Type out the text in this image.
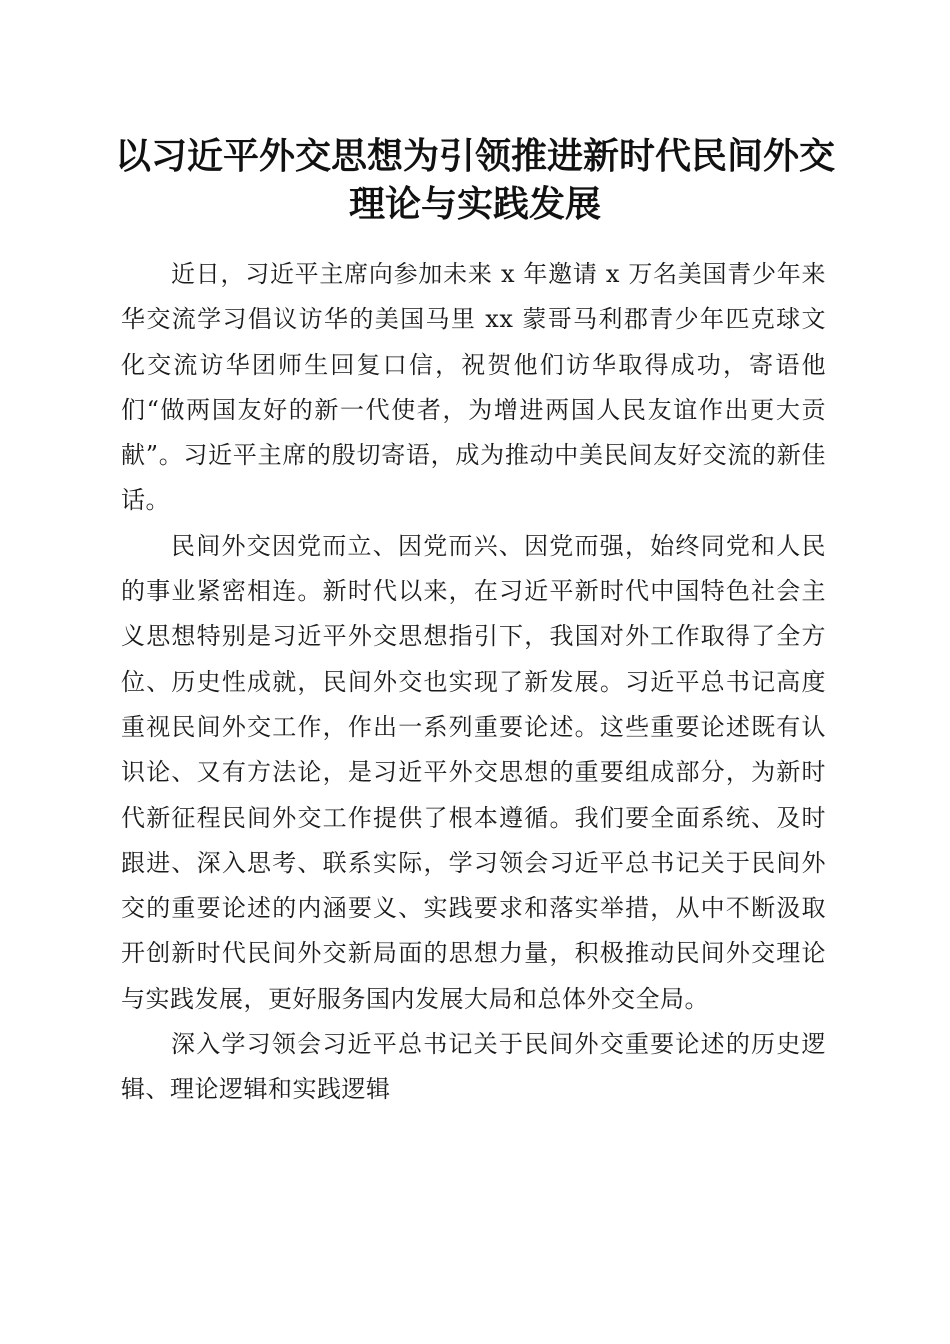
以习近平外交思想为引领推进新时代民间外交
理论与实践发展

近日，习近平主席向参加未来 x 年邀请 x 万名美国青少年来华交流学习倡议访华的美国马里 xx 蒙哥马利郡青少年匹克球文化交流访华团师生回复口信，祝贺他们访华取得成功，寄语他们“做两国友好的新一代使者，为增进两国人民友谊作出更大贡献”。习近平主席的殷切寄语，成为推动中美民间友好交流的新佳话。

民间外交因党而立、因党而兴、因党而强，始终同党和人民的事业紧密相连。新时代以来，在习近平新时代中国特色社会主义思想特别是习近平外交思想指引下，我国对外工作取得了全方位、历史性成就，民间外交也实现了新发展。习近平总书记高度重视民间外交工作，作出一系列重要论述。这些重要论述既有认识论、又有方法论，是习近平外交思想的重要组成部分，为新时代新征程民间外交工作提供了根本遵循。我们要全面系统、及时跟进、深入思考、联系实际，学习领会习近平总书记关于民间外交的重要论述的内涵要义、实践要求和落实举措，从中不断汲取开创新时代民间外交新局面的思想力量，积极推动民间外交理论与实践发展，更好服务国内发展大局和总体外交全局。

深入学习领会习近平总书记关于民间外交重要论述的历史逻辑、理论逻辑和实践逻辑
